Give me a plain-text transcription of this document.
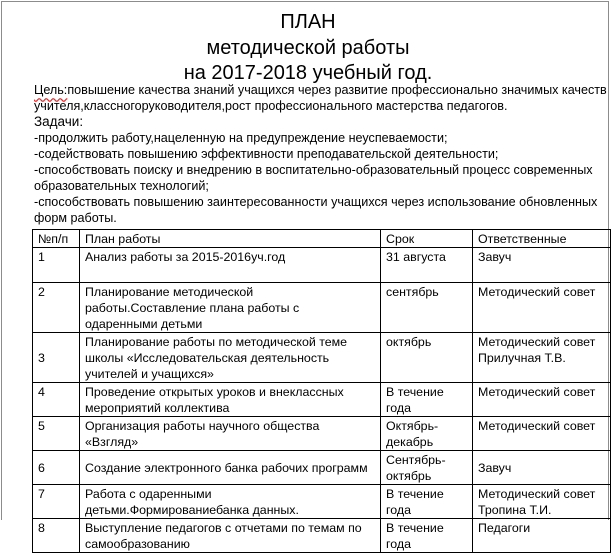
ПЛАН
методической работы
на 2017-2018 учебный год.
Цель:повышение качества знаний учащихся через развитие профессионально значимых качеств
учителя,классногоруководителя,рост профессионального мастерства педагогов.
Задачи:
-продолжить работу,нацеленную на предупреждение неуспеваемости;
-содействовать повышению эффективности преподавательской деятельности;
-способствовать поиску и внедрению в воспитательно-образовательный процесс современных
образовательных технологий;
-способствовать повышению заинтересованности учащихся через использование обновленных
форм работы.
№п/п	План работы	Срок	Ответственные
1	Анализ работы за 2015-2016уч.год	31 августа	Завуч
2	Планирование методической работы.Составление плана работы с одаренными детьми	сентябрь	Методический совет
3	Планирование работы по методической теме школы «Исследовательская деятельность учителей и учащихся»	октябрь	Методический совет Прилучная Т.В.
4	Проведение открытых уроков и внеклассных мероприятий коллектива	В течение года	Методический совет
5	Организация работы научного общества «Взгляд»	Октябрь-декабрь	Методический совет
6	Создание электронного банка рабочих программ	Сентябрь-октябрь	Завуч
7	Работа с одаренными детьми.Формированиебанка данных.	В течение года	Методический совет Тропина Т.И.
8	Выступление педагогов с отчетами по темам по самообразованию	В течение года	Педагоги
